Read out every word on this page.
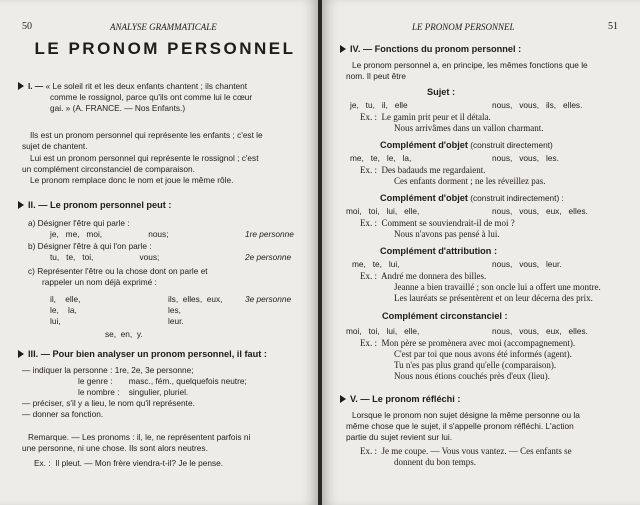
50	ANALYSE GRAMMATICALE
LE PRONOM PERSONNEL
I. — « Le soleil rit et les deux enfants chantent ; ils chantent
comme le rossignol, parce qu'ils ont comme lui le cœur
gai. » (A. FRANCE. — Nos Enfants.)
Ils est un pronom personnel qui représente les enfants ; c'est le
sujet de chantent.
Lui est un pronom personnel qui représente le rossignol ; c'est
un complément circonstanciel de comparaison.
Le pronom remplace donc le nom et joue le même rôle.
II. — Le pronom personnel peut :
a) Désigner l'être qui parle :
je,   me,   moi,                    nous;	1re personne
b) Désigner l'être à qui l'on parle :
tu,   te,   toi,                    vous;	2e personne
c) Représenter l'être ou la chose dont on parle et
rappeler un nom déjà exprimé :
il,    elle,	ils,  elles,  eux,	3e personne
le,    la,	les,
lui,	leur.
se,  en,  y.
III. — Pour bien analyser un pronom personnel, il faut :
— indiquer la personne : 1re, 2e, 3e personne;
le genre :       masc., fém., quelquefois neutre;
le nombre :    singulier, pluriel.
— préciser, s'il y a lieu, le nom qu'il représente.
— donner sa fonction.
Remarque. — Les pronoms : il, le, ne représentent parfois ni
une personne, ni une chose. Ils sont alors neutres.
Ex. :  Il pleut. — Mon frère viendra-t-il? Je le pense.
LE PRONOM PERSONNEL	51
IV. — Fonctions du pronom personnel :
Le pronom personnel a, en principe, les mêmes fonctions que le
nom. Il peut être
Sujet :
je,   tu,   il,   elle	nous,   vous,   ils,   elles.
Ex. :  Le gamin prit peur et il détala.
Nous arrivâmes dans un vallon charmant.
Complément d'objet (construit directement)
me,   te,   le,   la,	nous,   vous,   les.
Ex. :  Des badauds me regardaient.
Ces enfants dorment ; ne les réveillez pas.
Complément d'objet (construit indirectement) :
moi,   toi,   lui,   elle,	nous,   vous,   eux,   elles.
Ex. :  Comment se souviendrait-il de moi ?
Nous n'avons pas pensé à lui.
Complément d'attribution :
me,   te,   lui,	nous,   vous,   leur.
Ex. :  André me donnera des billes.
Jeanne a bien travaillé ; son oncle lui a offert une montre.
Les lauréats se présentèrent et on leur décerna des prix.
Complément circonstanciel :
moi,   toi,   lui,   elle,	nous,   vous,   eux,   elles.
Ex. :  Mon père se promènera avec moi (accompagnement).
C'est par toi que nous avons été informés (agent).
Tu n'es pas plus grand qu'elle (comparaison).
Nous nous étions couchés près d'eux (lieu).
V. — Le pronom réfléchi :
Lorsque le pronom non sujet désigne la même personne ou la
même chose que le sujet, il s'appelle pronom réfléchi. L'action
partie du sujet revient sur lui.
Ex. :  Je me coupe. — Vous vous vantez. — Ces enfants se
donnent du bon temps.
